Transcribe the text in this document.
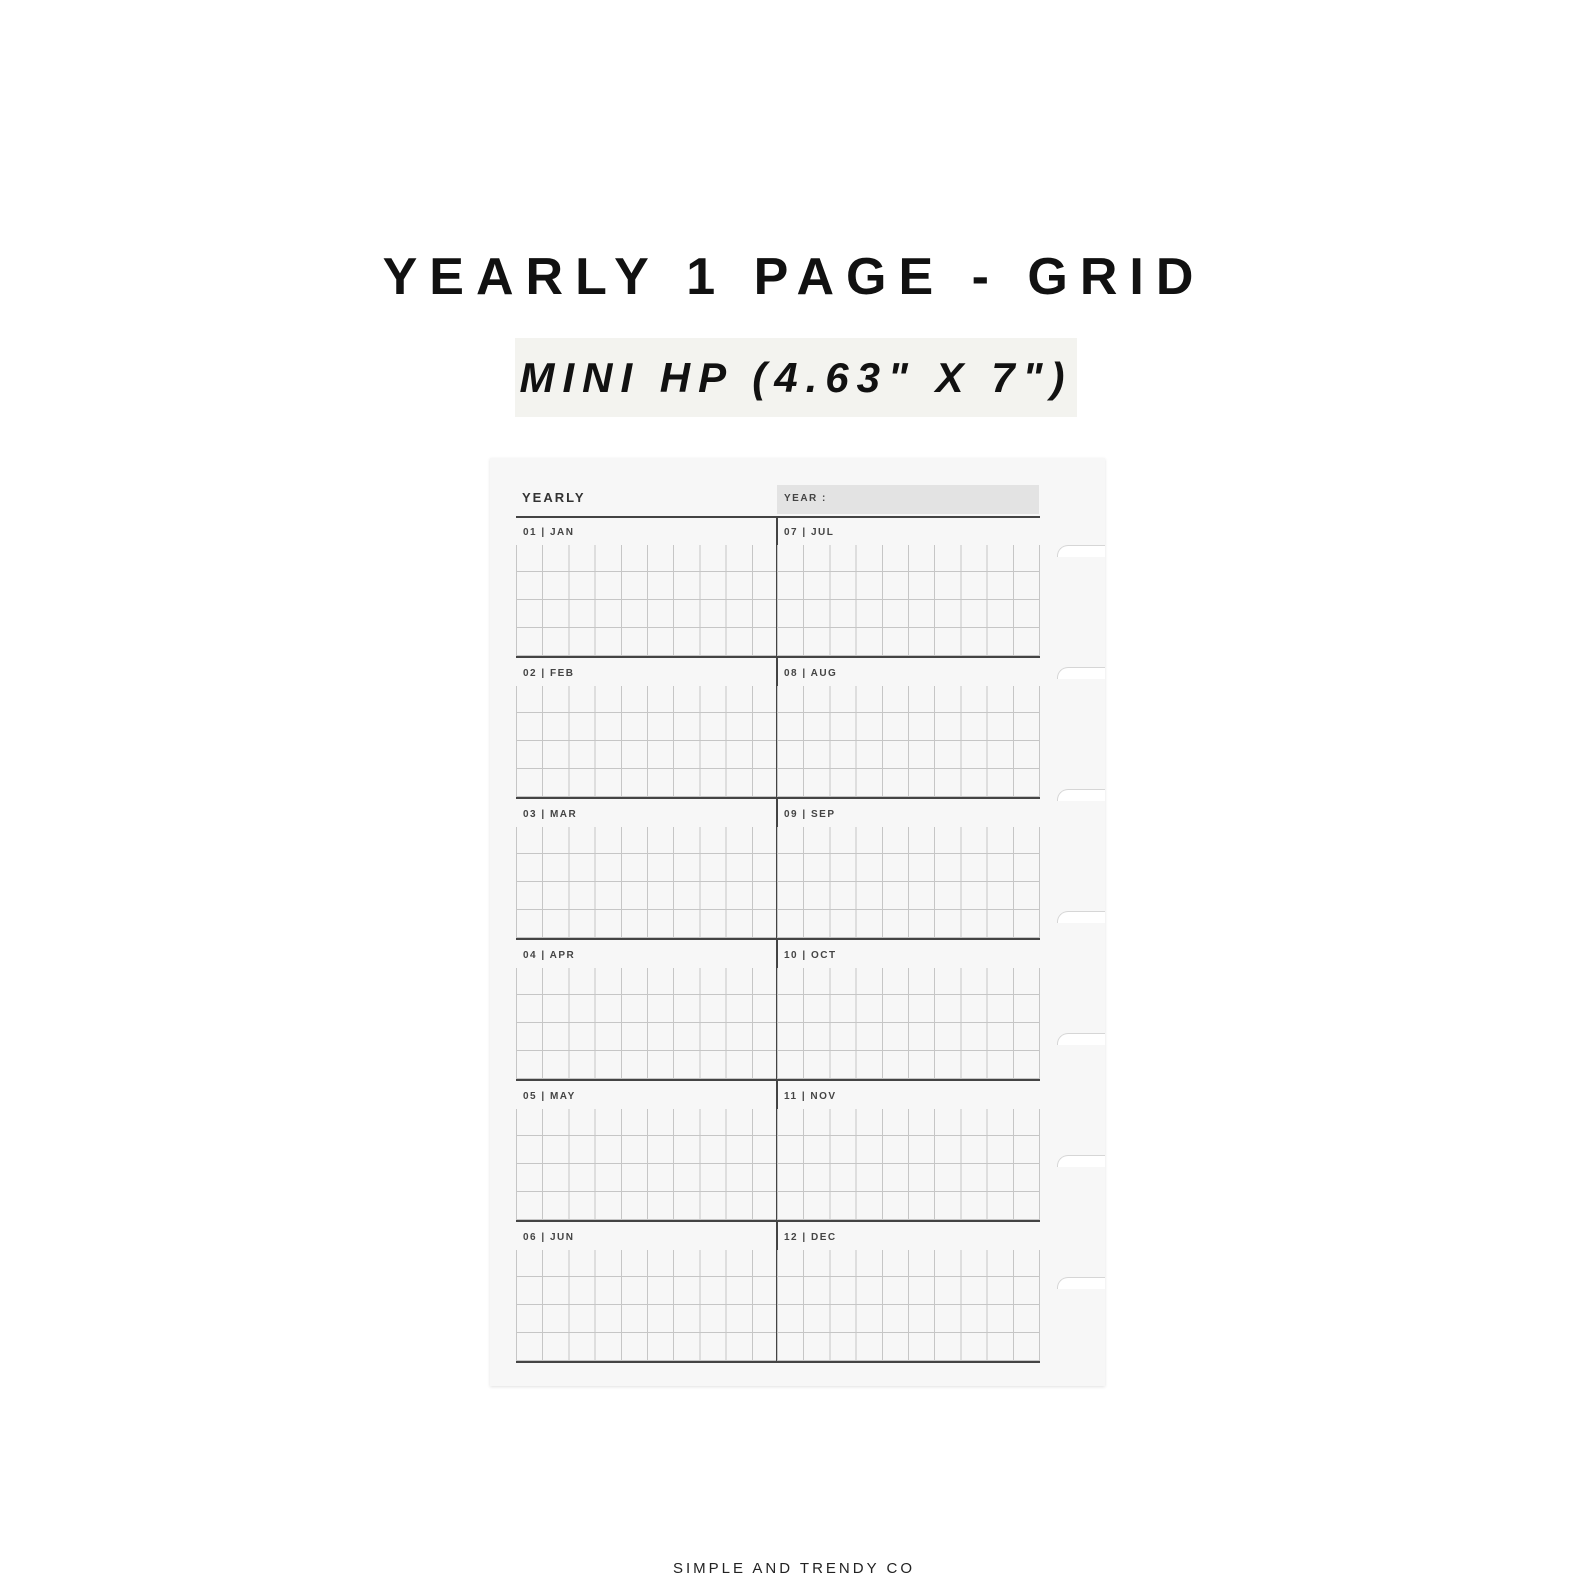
YEARLY 1 PAGE - GRID
MINI HP (4.63" X 7")
YEARLY	YEAR :
01 | JAN
02 | FEB
03 | MAR
04 | APR
05 | MAY
06 | JUN
07 | JUL
08 | AUG
09 | SEP
10 | OCT
11 | NOV
12 | DEC
SIMPLE AND TRENDY CO
